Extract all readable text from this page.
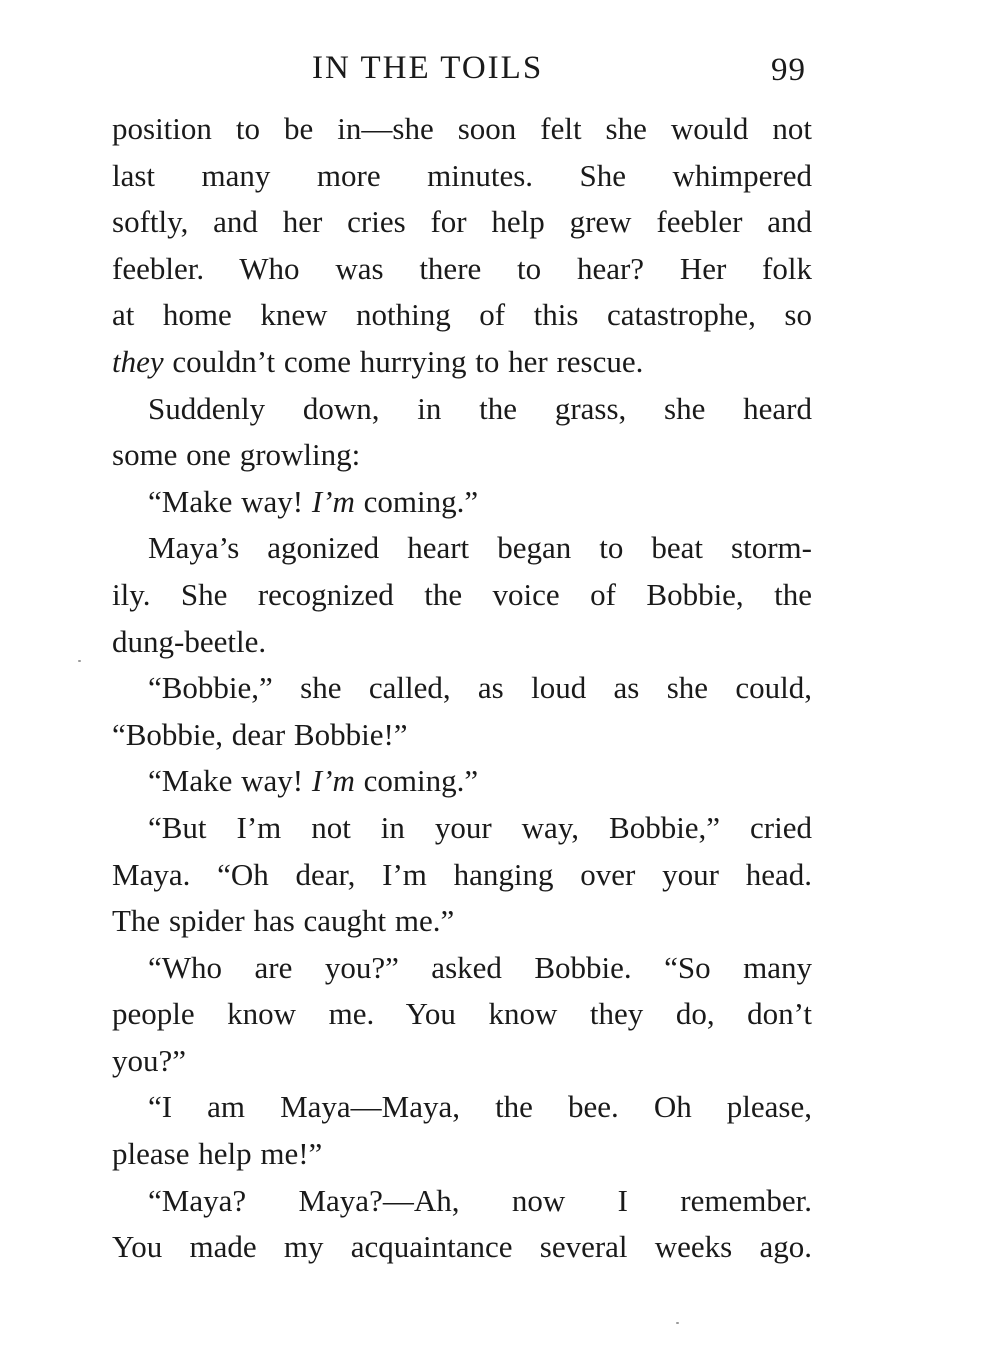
IN THE TOILS	99
position to be in—she soon felt she would not
last many more minutes. She whimpered
softly, and her cries for help grew feebler and
feebler. Who was there to hear? Her folk
at home knew nothing of this catastrophe, so
they couldn’t come hurrying to her rescue.
Suddenly down, in the grass, she heard
some one growling:
“Make way! I’m coming.”
Maya’s agonized heart began to beat storm-
ily. She recognized the voice of Bobbie, the
dung-beetle.
“Bobbie,” she called, as loud as she could,
“Bobbie, dear Bobbie!”
“Make way! I’m coming.”
“But I’m not in your way, Bobbie,” cried
Maya. “Oh dear, I’m hanging over your head.
The spider has caught me.”
“Who are you?” asked Bobbie. “So many
people know me. You know they do, don’t
you?”
“I am Maya—Maya, the bee. Oh please,
please help me!”
“Maya? Maya?—Ah, now I remember.
You made my acquaintance several weeks ago.
